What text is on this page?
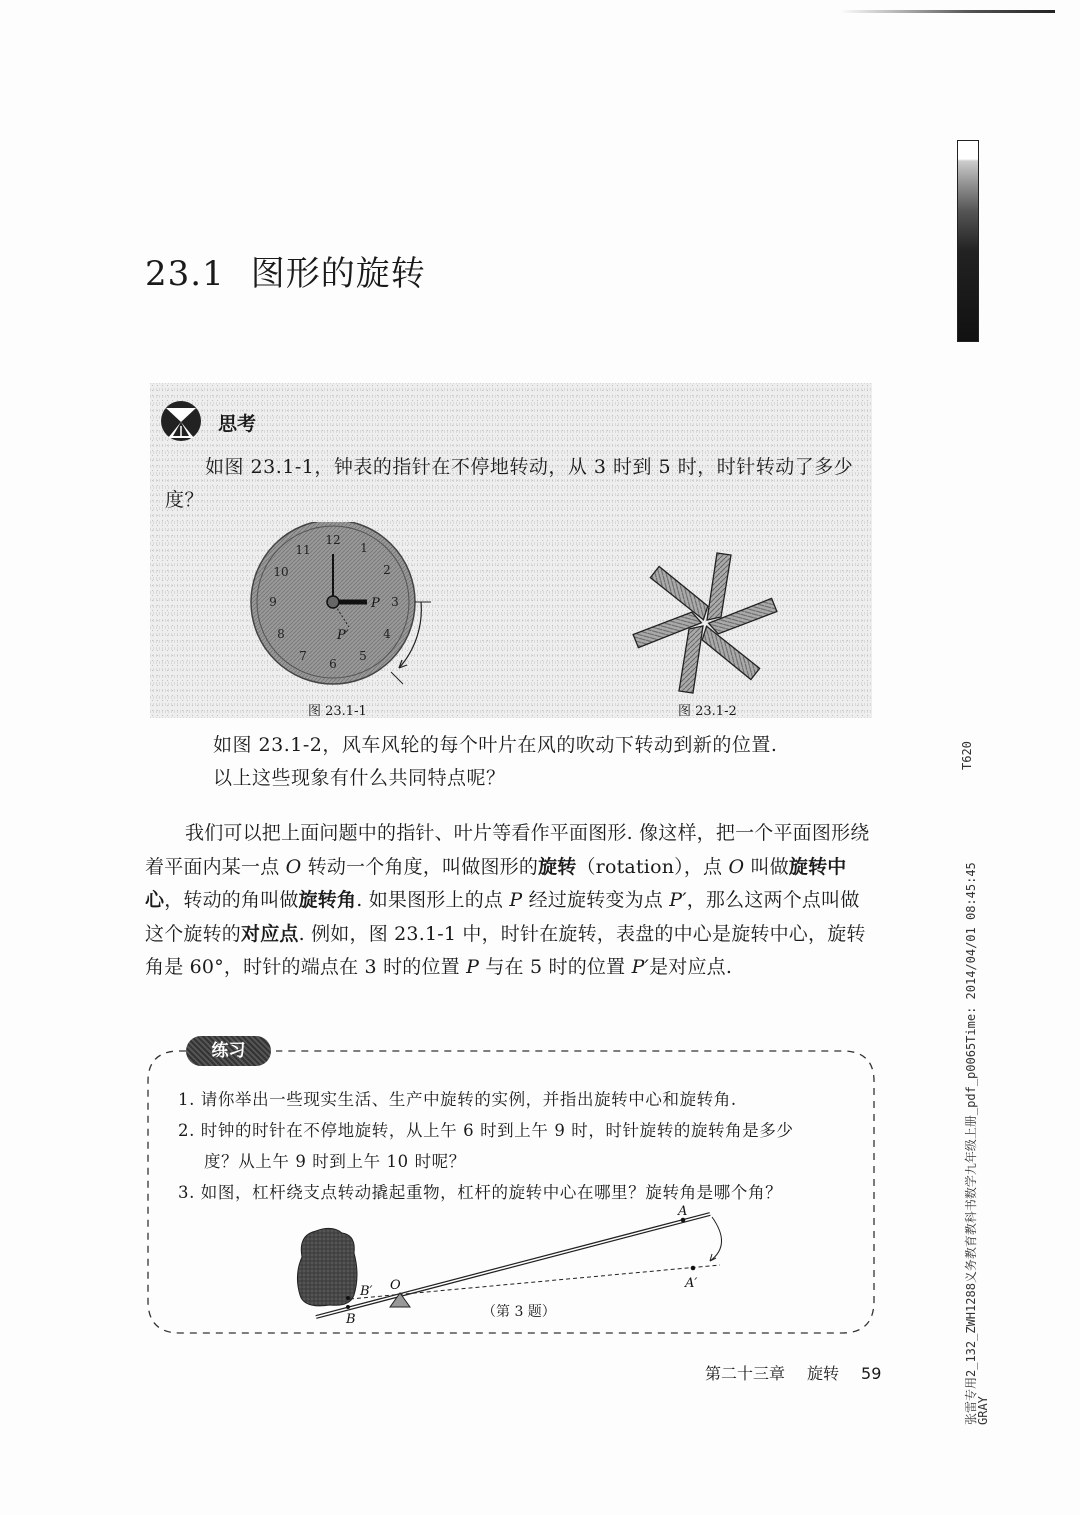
23.1 图形的旋转
思考
如图 23.1-1，钟表的指针在不停地转动，从 3 时到 5 时，时针转动了多少度？
12
1
2
3
4
5
6
7
8
9
10
11
P
P′
图 23.1-1	图 23.1-2
如图 23.1-2，风车风轮的每个叶片在风的吹动下转动到新的位置.
以上这些现象有什么共同特点呢？
我们可以把上面问题中的指针、叶片等看作平面图形. 像这样，把一个平面图形绕着平面内某一点 O 转动一个角度，叫做图形的旋转（rotation），点 O 叫做旋转中心，转动的角叫做旋转角. 如果图形上的点 P 经过旋转变为点 P′，那么这两个点叫做这个旋转的对应点. 例如，图 23.1-1 中，时针在旋转，表盘的中心是旋转中心，旋转角是 60°，时针的端点在 3 时的位置 P 与在 5 时的位置 P′是对应点.
练习
1. 请你举出一些现实生活、生产中旋转的实例，并指出旋转中心和旋转角.
2. 时钟的时针在不停地旋转，从上午 6 时到上午 9 时，时针旋转的旋转角是多少
度？从上午 9 时到上午 10 时呢？
3. 如图，杠杆绕支点转动撬起重物，杠杆的旋转中心在哪里？旋转角是哪个角？
A
A′
B
B′ O
（第 3 题）
第二十三章 旋转 59
T620
张雷专用2_132_ZWH1288义务教育教科书数学九年级上册_pdf_p0065Time: 2014/04/01 08:45:45
GRAY
